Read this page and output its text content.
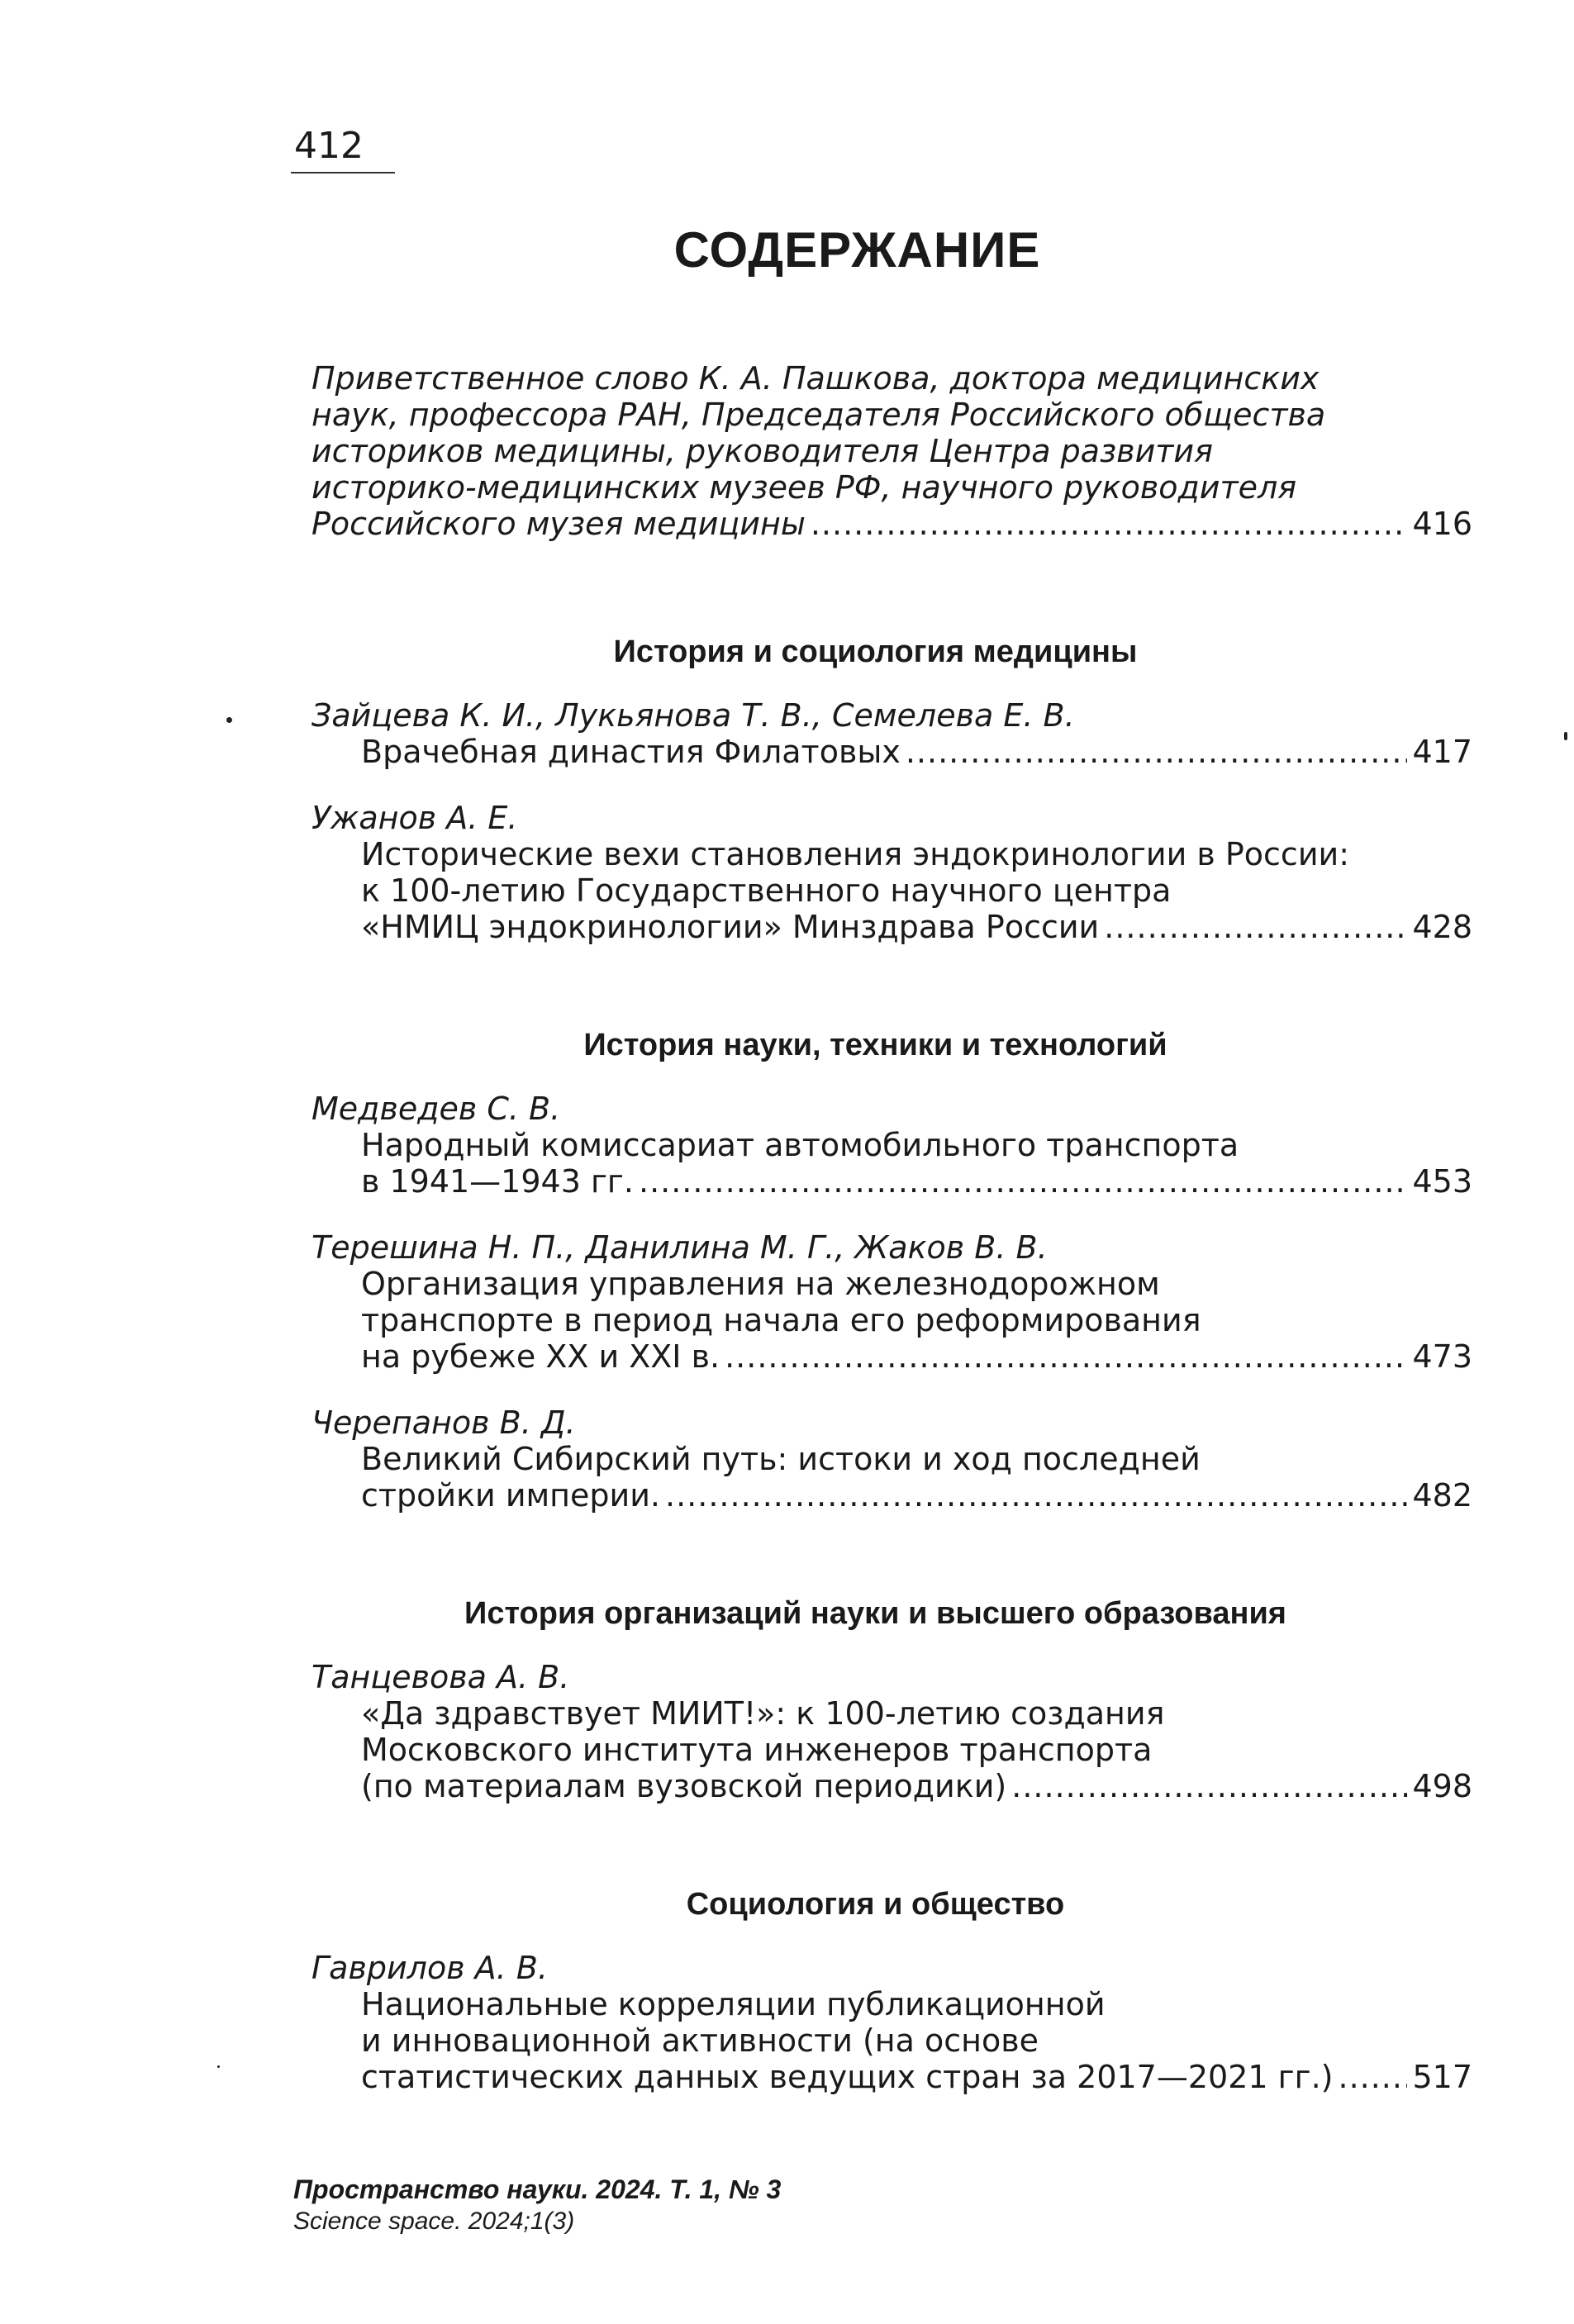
412
СОДЕРЖАНИЕ
Приветственное слово К. А. Пашкова, доктора медицинских
наук, профессора РАН, Председателя Российского общества
историков медицины, руководителя Центра развития
историко-медицинских музеев РФ, научного руководителя
Российского музея медицины .....	416
История и социология медицины
Зайцева К. И., Лукьянова Т. В., Семелева Е. В.
Врачебная династия Филатовых .....	417
Ужанов А. Е.
Исторические вехи становления эндокринологии в России:
к 100-летию Государственного научного центра
«НМИЦ эндокринологии» Минздрава России .....	428
История науки, техники и технологий
Медведев С. В.
Народный комиссариат автомобильного транспорта
в 1941—1943 гг. .....	453
Терешина Н. П., Данилина М. Г., Жаков В. В.
Организация управления на железнодорожном
транспорте в период начала его реформирования
на рубеже XX и XXI в. .....	473
Черепанов В. Д.
Великий Сибирский путь: истоки и ход последней
стройки империи. .....	482
История организаций науки и высшего образования
Танцевова А. В.
«Да здравствует МИИТ!»: к 100-летию создания
Московского института инженеров транспорта
(по материалам вузовской периодики) .....	498
Социология и общество
Гаврилов А. В.
Национальные корреляции публикационной
и инновационной активности (на основе
статистических данных ведущих стран за 2017—2021 гг.) .....	517
Пространство науки. 2024. Т. 1, № 3
Science space. 2024;1(3)
